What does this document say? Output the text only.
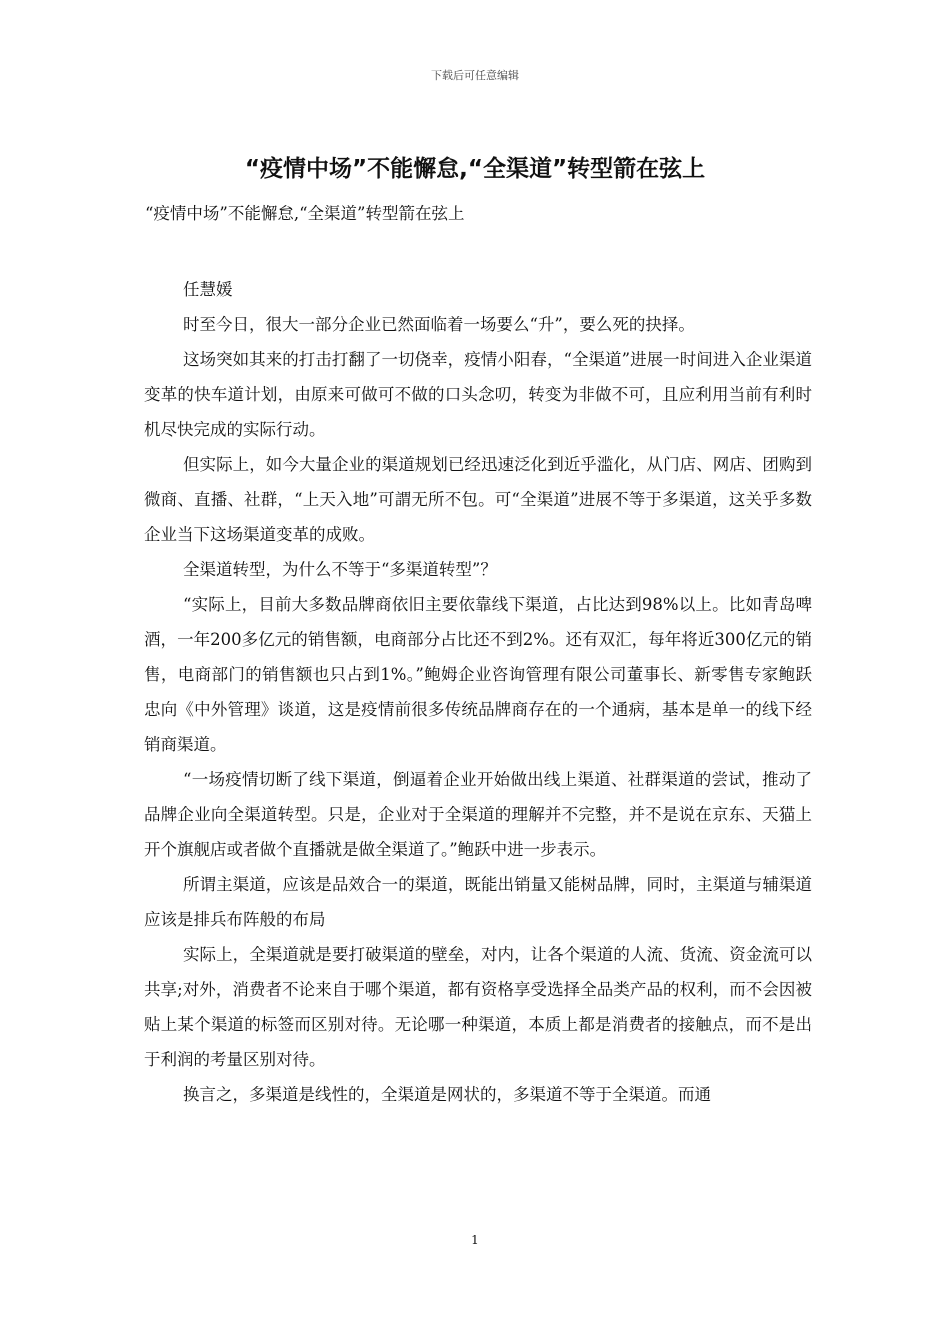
下载后可任意编辑
“疫情中场”不能懈怠,“全渠道”转型箭在弦上
“疫情中场”不能懈怠,“全渠道”转型箭在弦上

任慧媛

时至今日，很大一部分企业已然面临着一场要么“升”，要么死的抉择。

这场突如其来的打击打翻了一切侥幸，疫情小阳春，“全渠道”进展一时间进入企业渠道变革的快车道计划，由原来可做可不做的口头念叨，转变为非做不可，且应利用当前有利时机尽快完成的实际行动。

但实际上，如今大量企业的渠道规划已经迅速泛化到近乎滥化，从门店、网店、团购到微商、直播、社群，“上天入地”可謂无所不包。可“全渠道”进展不等于多渠道，这关乎多数企业当下这场渠道变革的成败。

全渠道转型，为什么不等于“多渠道转型”？

“实际上，目前大多数品牌商依旧主要依靠线下渠道，占比达到98%以上。比如青岛啤酒，一年200多亿元的销售额，电商部分占比还不到2%。还有双汇，每年将近300亿元的销售，电商部门的销售额也只占到1%。”鲍姆企业咨询管理有限公司董事长、新零售专家鲍跃忠向《中外管理》谈道，这是疫情前很多传统品牌商存在的一个通病，基本是单一的线下经销商渠道。

“一场疫情切断了线下渠道，倒逼着企业开始做出线上渠道、社群渠道的尝试，推动了品牌企业向全渠道转型。只是，企业对于全渠道的理解并不完整，并不是说在京东、天猫上开个旗舰店或者做个直播就是做全渠道了。”鲍跃中进一步表示。

所谓主渠道，应该是品效合一的渠道，既能出销量又能树品牌，同时，主渠道与辅渠道应该是排兵布阵般的布局

实际上，全渠道就是要打破渠道的壁垒，对内，让各个渠道的人流、货流、资金流可以共享;对外，消费者不论来自于哪个渠道，都有资格享受选择全品类产品的权利，而不会因被贴上某个渠道的标签而区别对待。无论哪一种渠道，本质上都是消费者的接触点，而不是出于利润的考量区别对待。

换言之，多渠道是线性的，全渠道是网状的，多渠道不等于全渠道。而通

1
